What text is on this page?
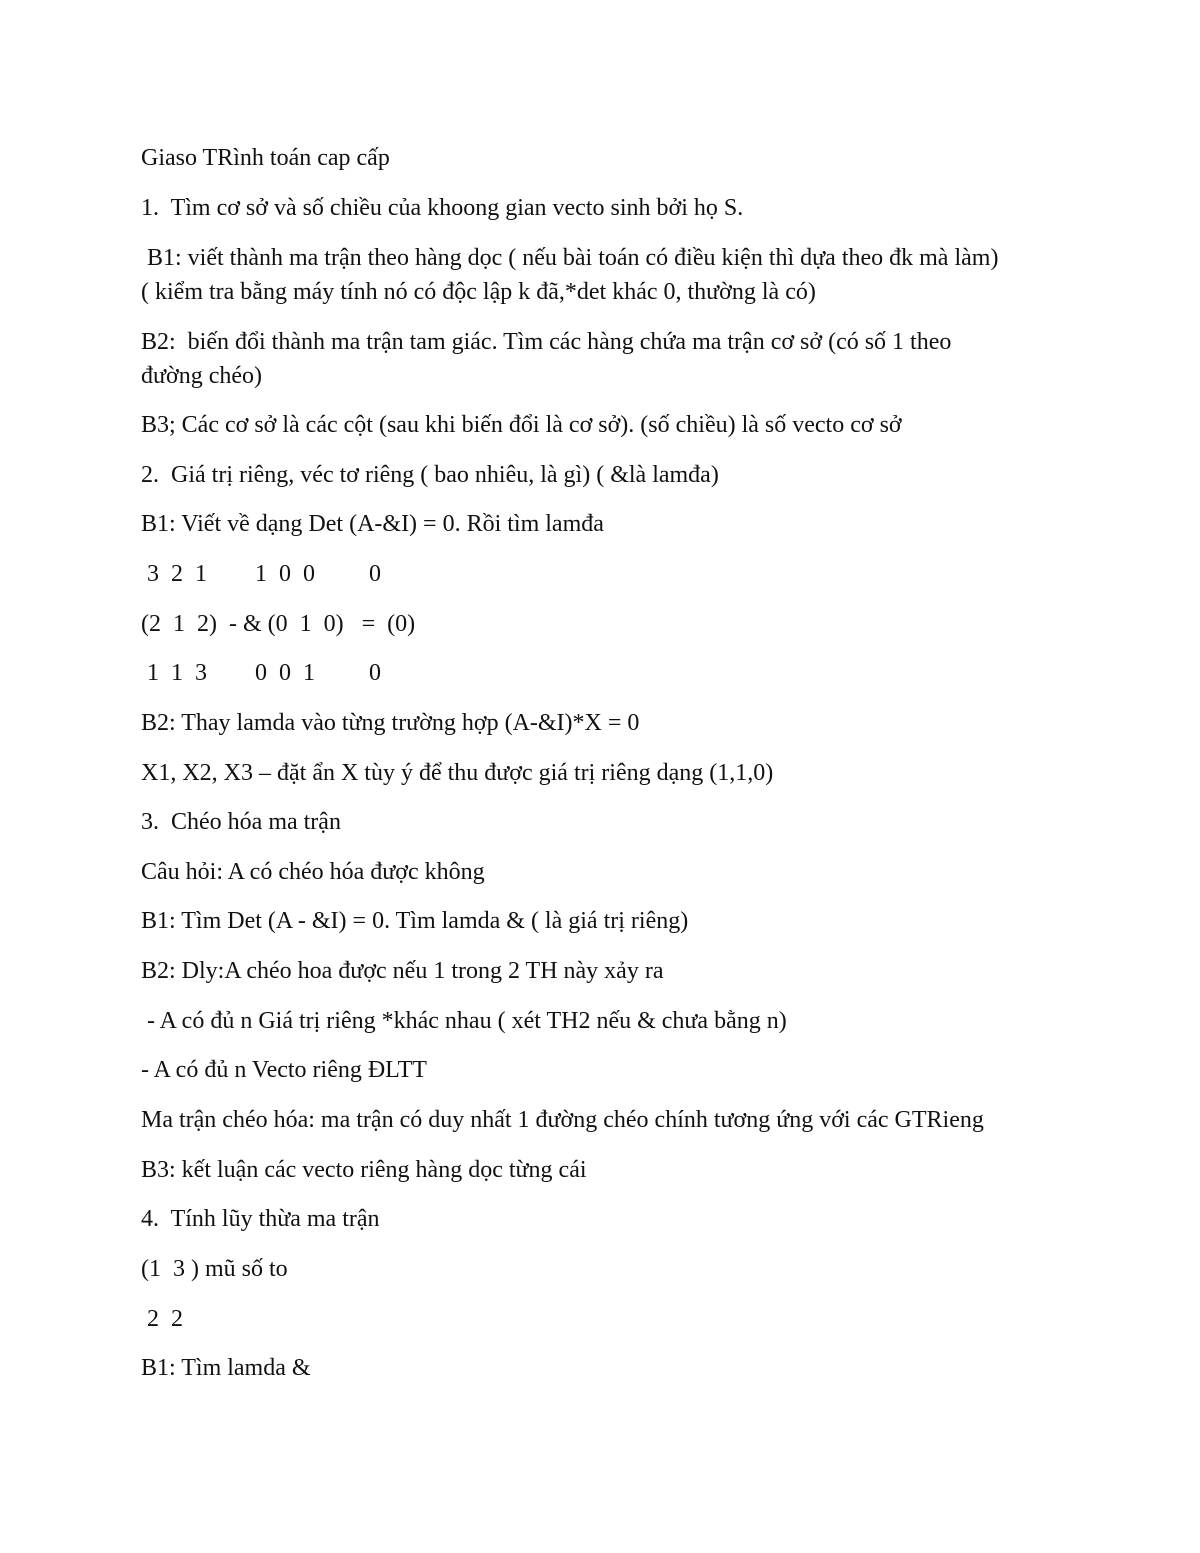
Giaso TRình toán cap cấp
1.  Tìm cơ sở và số chiều của khoong gian vecto sinh bởi họ S.
B1: viết thành ma trận theo hàng dọc ( nếu bài toán có điều kiện thì dựa theo đk mà làm)
( kiểm tra bằng máy tính nó có độc lập k đã,*det khác 0, thường là có)
B2:  biến đổi thành ma trận tam giác. Tìm các hàng chứa ma trận cơ sở (có số 1 theo
đường chéo)
B3; Các cơ sở là các cột (sau khi biến đổi là cơ sở). (số chiều) là số vecto cơ sở
2.  Giá trị riêng, véc tơ riêng ( bao nhiêu, là gì) ( &là lamđa)
B1: Viết về dạng Det (A-&I) = 0. Rồi tìm lamđa
3  2  1        1  0  0         0
(2  1  2)  - & (0  1  0)   =  (0)
1  1  3        0  0  1         0
B2: Thay lamda vào từng trường hợp (A-&I)*X = 0
X1, X2, X3 – đặt ẩn X tùy ý để thu được giá trị riêng dạng (1,1,0)
3.  Chéo hóa ma trận
Câu hỏi: A có chéo hóa được không
B1: Tìm Det (A - &I) = 0. Tìm lamda & ( là giá trị riêng)
B2: Dly:A chéo hoa được nếu 1 trong 2 TH này xảy ra
- A có đủ n Giá trị riêng *khác nhau ( xét TH2 nếu & chưa bằng n)
- A có đủ n Vecto riêng ĐLTT
Ma trận chéo hóa: ma trận có duy nhất 1 đường chéo chính tương ứng với các GTRieng
B3: kết luận các vecto riêng hàng dọc từng cái
4.  Tính lũy thừa ma trận
(1  3 ) mũ số to
2  2
B1: Tìm lamda &
